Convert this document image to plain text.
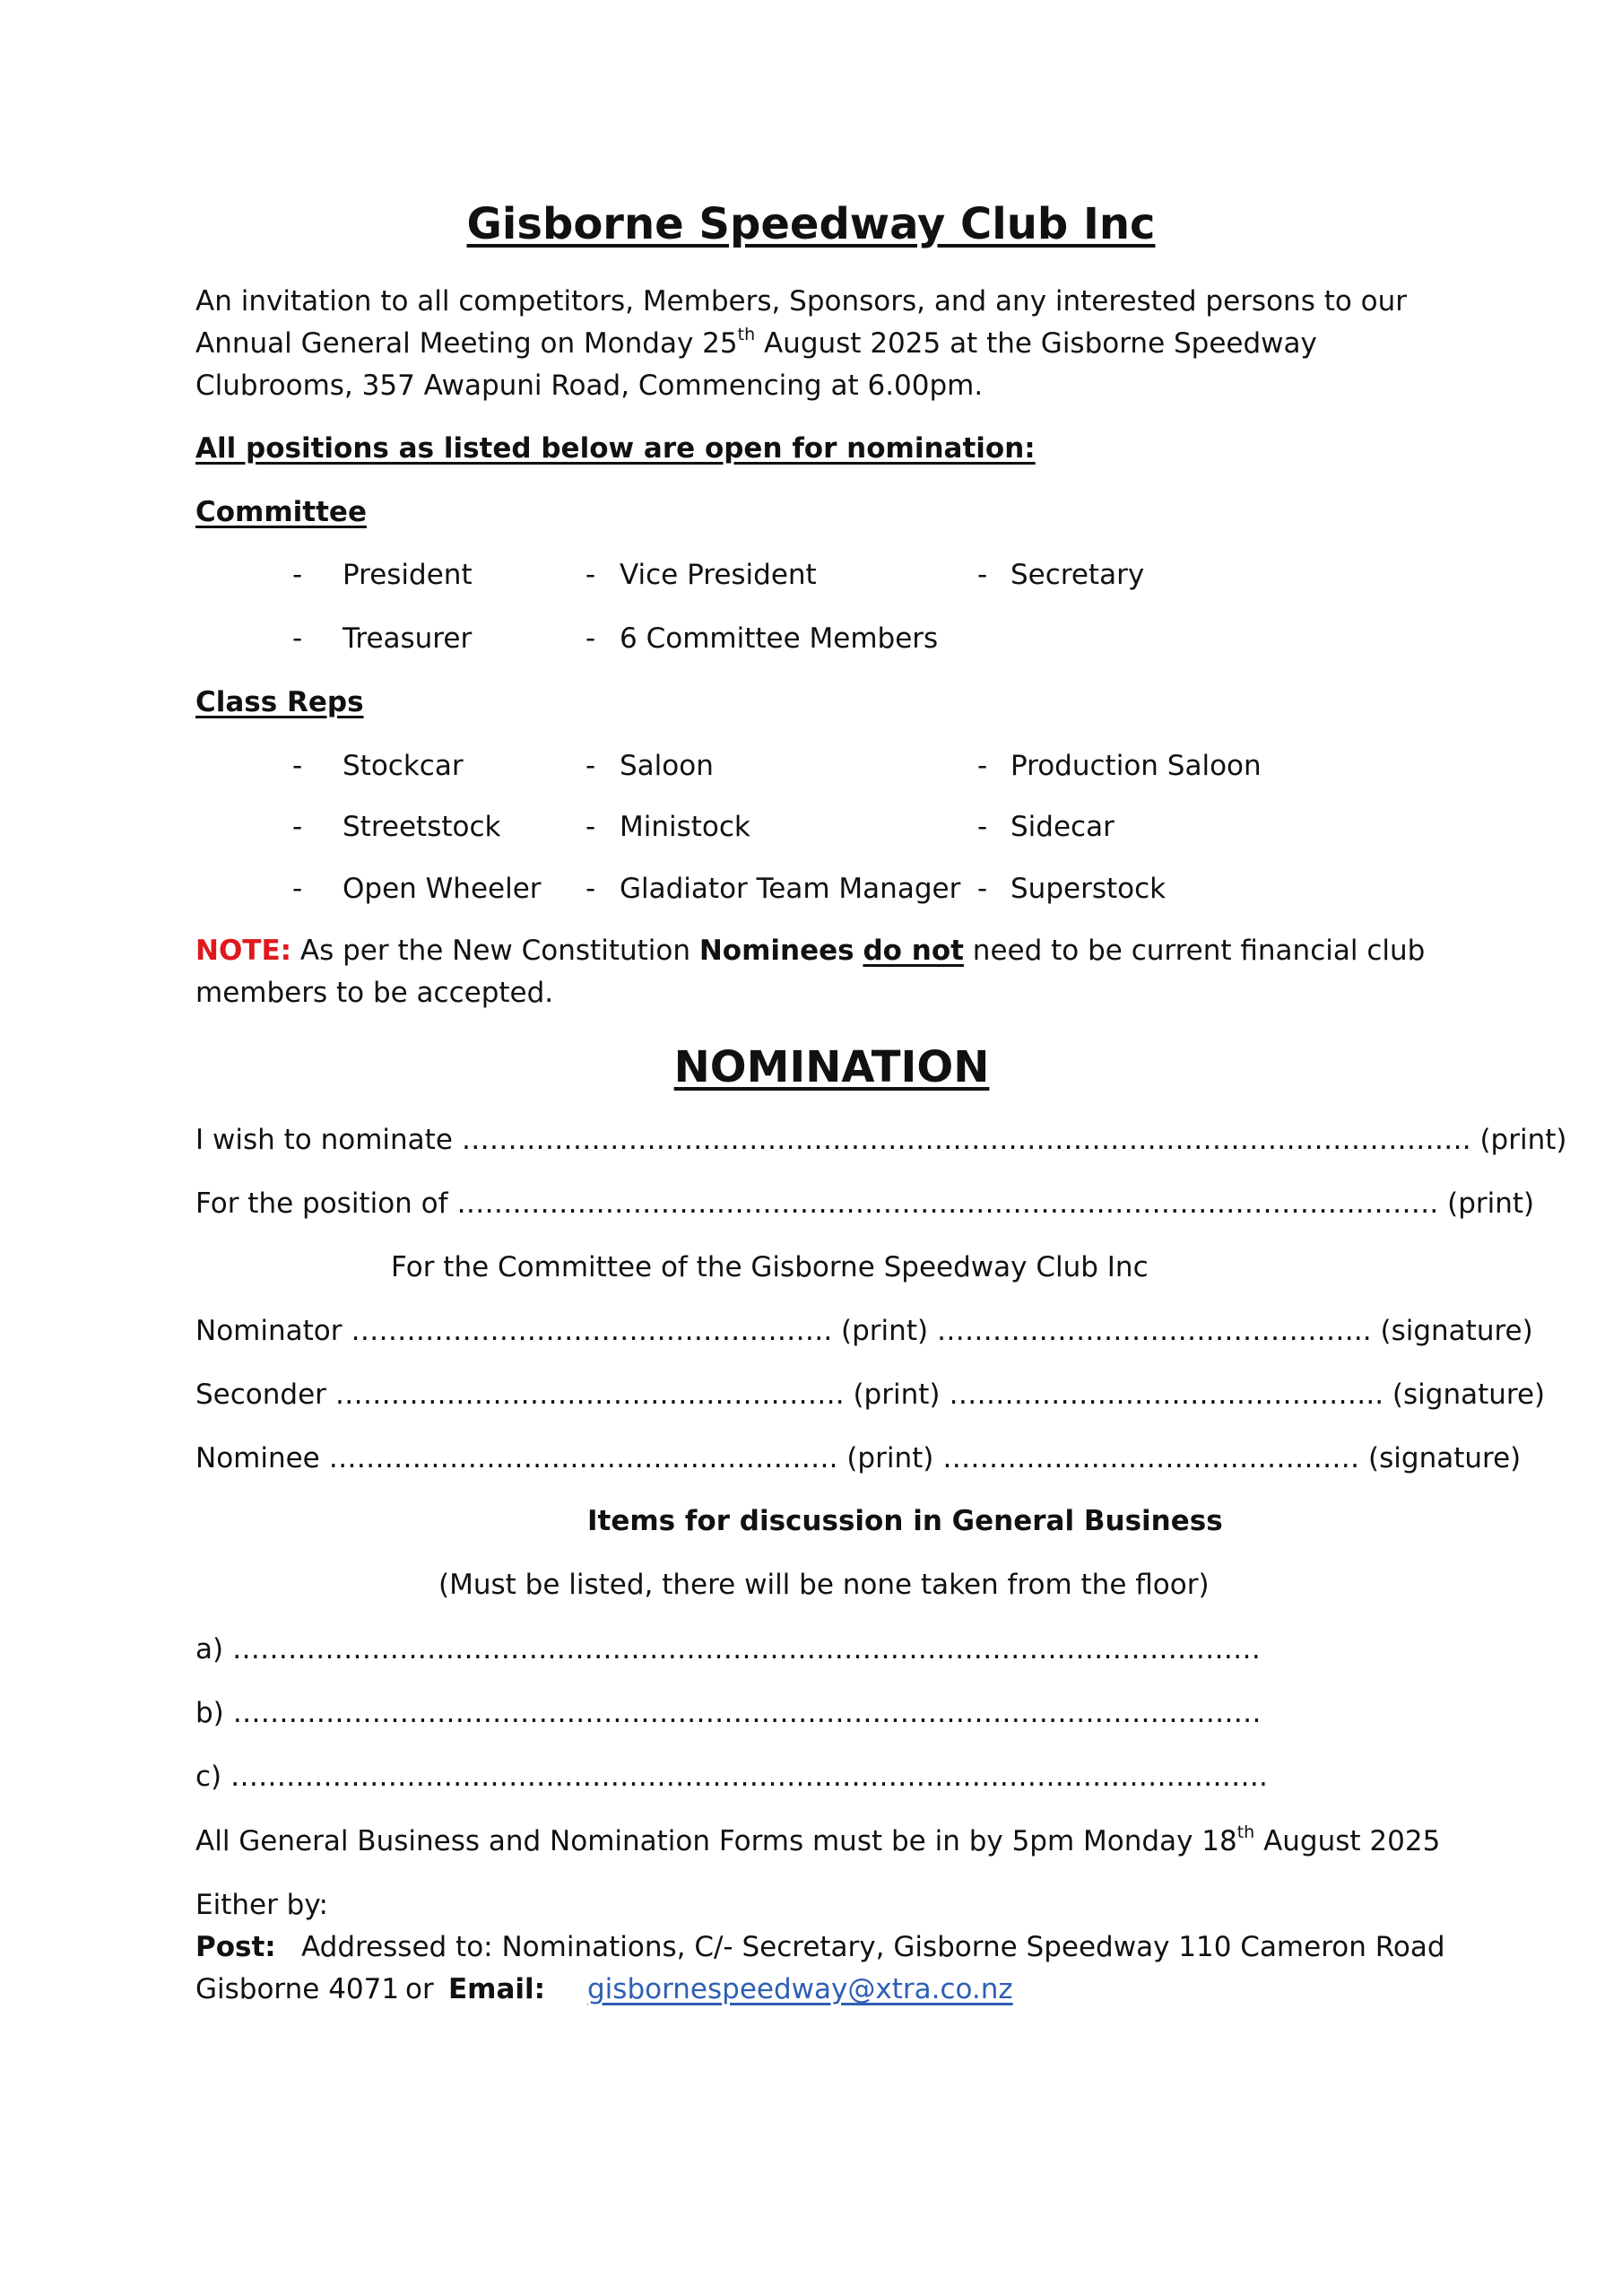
Gisborne Speedway Club Inc
An invitation to all competitors, Members, Sponsors, and any interested persons to our
Annual General Meeting on Monday 25th August 2025 at the Gisborne Speedway
Clubrooms, 357 Awapuni Road, Commencing at 6.00pm.
All positions as listed below are open for nomination:
Committee
- President	- Vice President	- Secretary
- Treasurer	- 6 Committee Members
Class Reps
- Stockcar	- Saloon	- Production Saloon
- Streetstock	- Ministock	- Sidecar
- Open Wheeler - Gladiator Team Manager - Superstock
NOTE: As per the New Constitution Nominees do not need to be current financial club
members to be accepted.
NOMINATION
I wish to nominate ………………………………………………………………………………………………. (print)
For the position of ……………………………………………………………………………………………. (print)
For the Committee of the Gisborne Speedway Club Inc
Nominator ……………………………………………. (print) ……………………………………….. (signature)
Seconder ………………………………………………. (print) ……………………………………….. (signature)
Nominee ………………………………………………. (print) ……………………………………… (signature)
Items for discussion in General Business
(Must be listed, there will be none taken from the floor)
a) …………………………………………………………………………………………………
b) …………………………………………………………………………………………………
c) ………………………………………………………………………………………………….
All General Business and Nomination Forms must be in by 5pm Monday 18th August 2025
Either by:
Post: Addressed to: Nominations, C/- Secretary, Gisborne Speedway 110 Cameron Road
Gisborne 4071 or Email: gisbornespeedway@xtra.co.nz
